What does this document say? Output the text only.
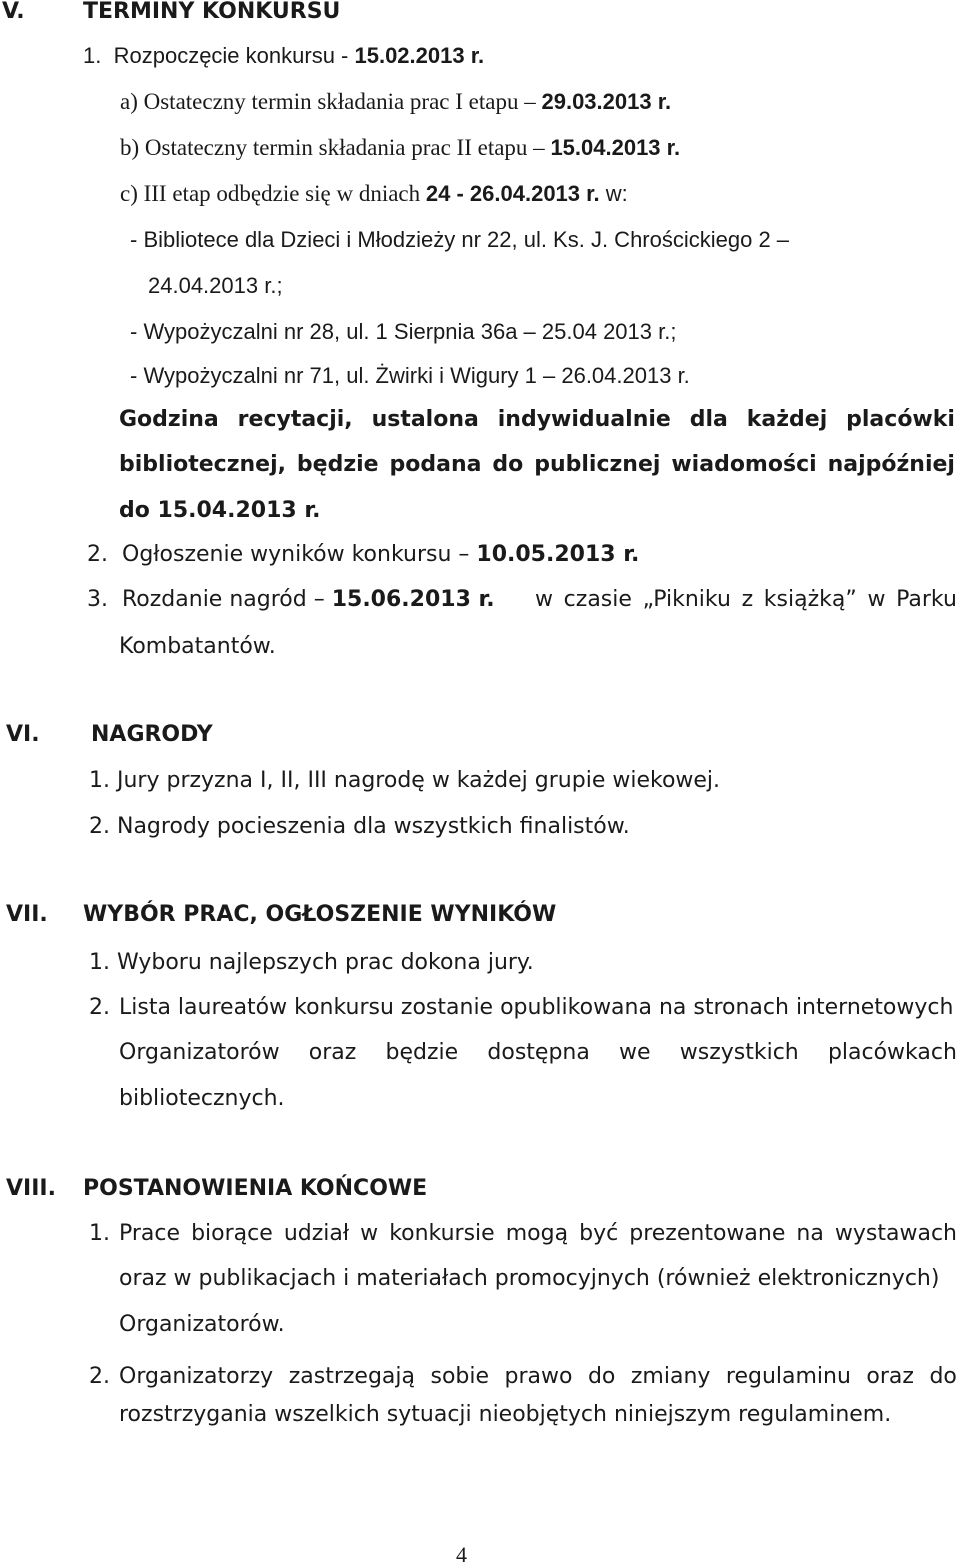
V.	TERMINY KONKURSU
1. Rozpoczęcie konkursu - 15.02.2013 r.
a) Ostateczny termin składania prac I etapu – 29.03.2013 r.
b) Ostateczny termin składania prac II etapu – 15.04.2013 r.
c) III etap odbędzie się w dniach 24 - 26.04.2013 r. w:
- Bibliotece dla Dzieci i Młodzieży nr 22, ul. Ks. J. Chrościckiego 2 –
24.04.2013 r.;
- Wypożyczalni nr 28, ul. 1 Sierpnia 36a – 25.04 2013 r.;
- Wypożyczalni nr 71, ul. Żwirki i Wigury 1 – 26.04.2013 r.
Godzina recytacji, ustalona indywidualnie dla każdej placówki
bibliotecznej, będzie podana do publicznej wiadomości najpóźniej
do 15.04.2013 r.
2. Ogłoszenie wyników konkursu – 10.05.2013 r.
3. Rozdanie nagród – 15.06.2013 r. w czasie „Pikniku z książką” w Parku
Kombatantów.
VI. NAGRODY
1. Jury przyzna I, II, III nagrodę w każdej grupie wiekowej.
2. Nagrody pocieszenia dla wszystkich finalistów.
VII. WYBÓR PRAC, OGŁOSZENIE WYNIKÓW
1. Wyboru najlepszych prac dokona jury.
2. Lista laureatów konkursu zostanie opublikowana na stronach internetowych
Organizatorów oraz będzie dostępna we wszystkich placówkach
bibliotecznych.
VIII. POSTANOWIENIA KOŃCOWE
1. Prace biorące udział w konkursie mogą być prezentowane na wystawach
oraz w publikacjach i materiałach promocyjnych (również elektronicznych)
Organizatorów.
2. Organizatorzy zastrzegają sobie prawo do zmiany regulaminu oraz do
rozstrzygania wszelkich sytuacji nieobjętych niniejszym regulaminem.
4
